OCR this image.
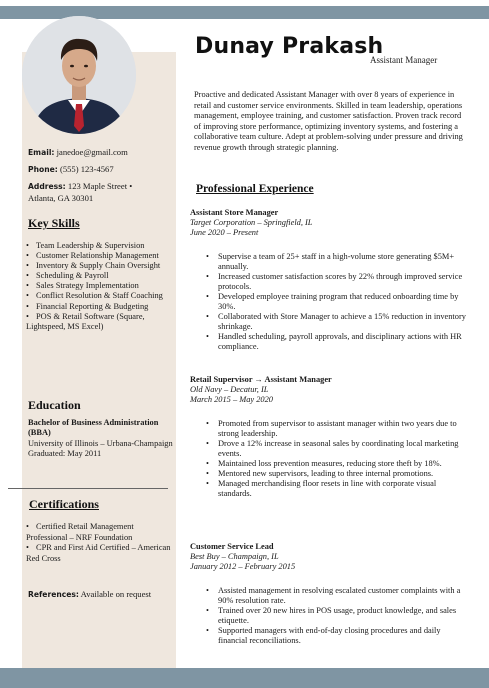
Dunay Prakash
Assistant Manager

Proactive and dedicated Assistant Manager with over 8 years of experience in retail and customer service environments. Skilled in team leadership, operations management, employee training, and customer satisfaction. Proven track record of improving store performance, optimizing inventory systems, and fostering a collaborative team culture. Adept at problem-solving under pressure and driving revenue growth through strategic planning.

Email: janedoe@gmail.com
Phone: (555) 123-4567
Address: 123 Maple Street •
Atlanta, GA 30301
Key Skills
• Team Leadership & Supervision
• Customer Relationship Management
• Inventory & Supply Chain Oversight
• Scheduling & Payroll
• Sales Strategy Implementation
• Conflict Resolution & Staff Coaching
• Financial Reporting & Budgeting
• POS & Retail Software (Square, Lightspeed, MS Excel)
Education
Bachelor of Business Administration (BBA)
University of Illinois – Urbana-Champaign
Graduated: May 2011
Certifications
• Certified Retail Management Professional – NRF Foundation
• CPR and First Aid Certified – American Red Cross
References: Available on request
Professional Experience
Assistant Store Manager
Target Corporation – Springfield, IL
June 2020 – Present
• Supervise a team of 25+ staff in a high-volume store generating $5M+ annually.
• Increased customer satisfaction scores by 22% through improved service protocols.
• Developed employee training program that reduced onboarding time by 30%.
• Collaborated with Store Manager to achieve a 15% reduction in inventory shrinkage.
• Handled scheduling, payroll approvals, and disciplinary actions with HR compliance.
Retail Supervisor → Assistant Manager
Old Navy – Decatur, IL
March 2015 – May 2020
• Promoted from supervisor to assistant manager within two years due to strong leadership.
• Drove a 12% increase in seasonal sales by coordinating local marketing events.
• Maintained loss prevention measures, reducing store theft by 18%.
• Mentored new supervisors, leading to three internal promotions.
• Managed merchandising floor resets in line with corporate visual standards.
Customer Service Lead
Best Buy – Champaign, IL
January 2012 – February 2015
• Assisted management in resolving escalated customer complaints with a 90% resolution rate.
• Trained over 20 new hires in POS usage, product knowledge, and sales etiquette.
• Supported managers with end-of-day closing procedures and daily financial reconciliations.
